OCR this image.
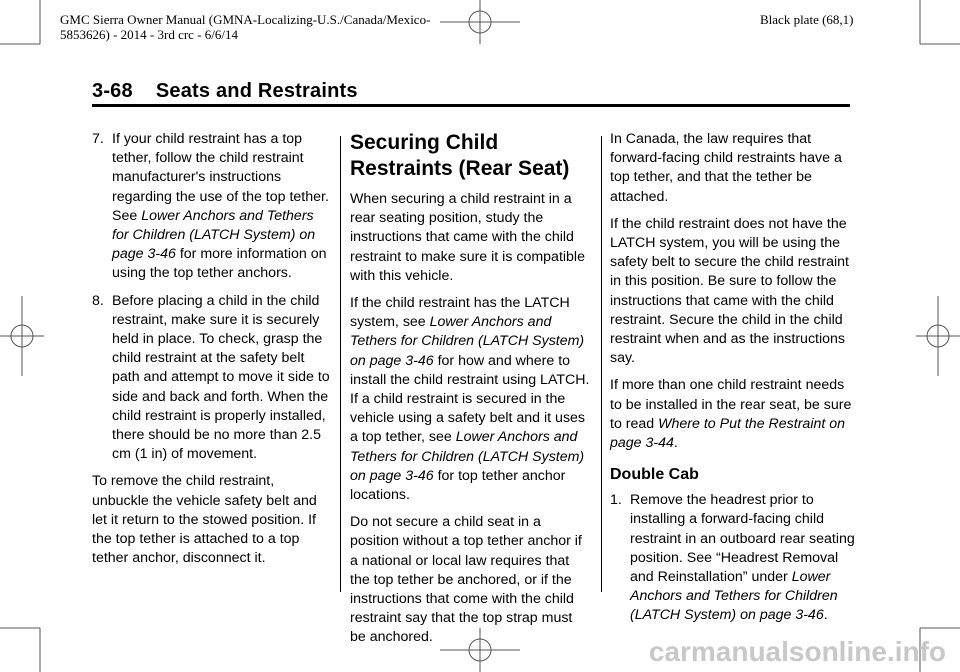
GMC Sierra Owner Manual (GMNA-Localizing-U.S./Canada/Mexico-
5853626) - 2014 - 3rd crc - 6/6/14
Black plate (68,1)
3-68    Seats and Restraints
7. If your child restraint has a top tether, follow the child restraint manufacturer's instructions regarding the use of the top tether. See Lower Anchors and Tethers for Children (LATCH System) on page 3-46 for more information on using the top tether anchors.
8. Before placing a child in the child restraint, make sure it is securely held in place. To check, grasp the child restraint at the safety belt path and attempt to move it side to side and back and forth. When the child restraint is properly installed, there should be no more than 2.5 cm (1 in) of movement.

To remove the child restraint, unbuckle the vehicle safety belt and let it return to the stowed position. If the top tether is attached to a top tether anchor, disconnect it.

Securing Child Restraints (Rear Seat)

When securing a child restraint in a rear seating position, study the instructions that came with the child restraint to make sure it is compatible with this vehicle.

If the child restraint has the LATCH system, see Lower Anchors and Tethers for Children (LATCH System) on page 3-46 for how and where to install the child restraint using LATCH. If a child restraint is secured in the vehicle using a safety belt and it uses a top tether, see Lower Anchors and Tethers for Children (LATCH System) on page 3-46 for top tether anchor locations.

Do not secure a child seat in a position without a top tether anchor if a national or local law requires that the top tether be anchored, or if the instructions that come with the child restraint say that the top strap must be anchored.

In Canada, the law requires that forward-facing child restraints have a top tether, and that the tether be attached.

If the child restraint does not have the LATCH system, you will be using the safety belt to secure the child restraint in this position. Be sure to follow the instructions that came with the child restraint. Secure the child in the child restraint when and as the instructions say.

If more than one child restraint needs to be installed in the rear seat, be sure to read Where to Put the Restraint on page 3-44.

Double Cab
1. Remove the headrest prior to installing a forward-facing child restraint in an outboard rear seating position. See “Headrest Removal and Reinstallation” under Lower Anchors and Tethers for Children (LATCH System) on page 3-46.
carmanualsonline.info
